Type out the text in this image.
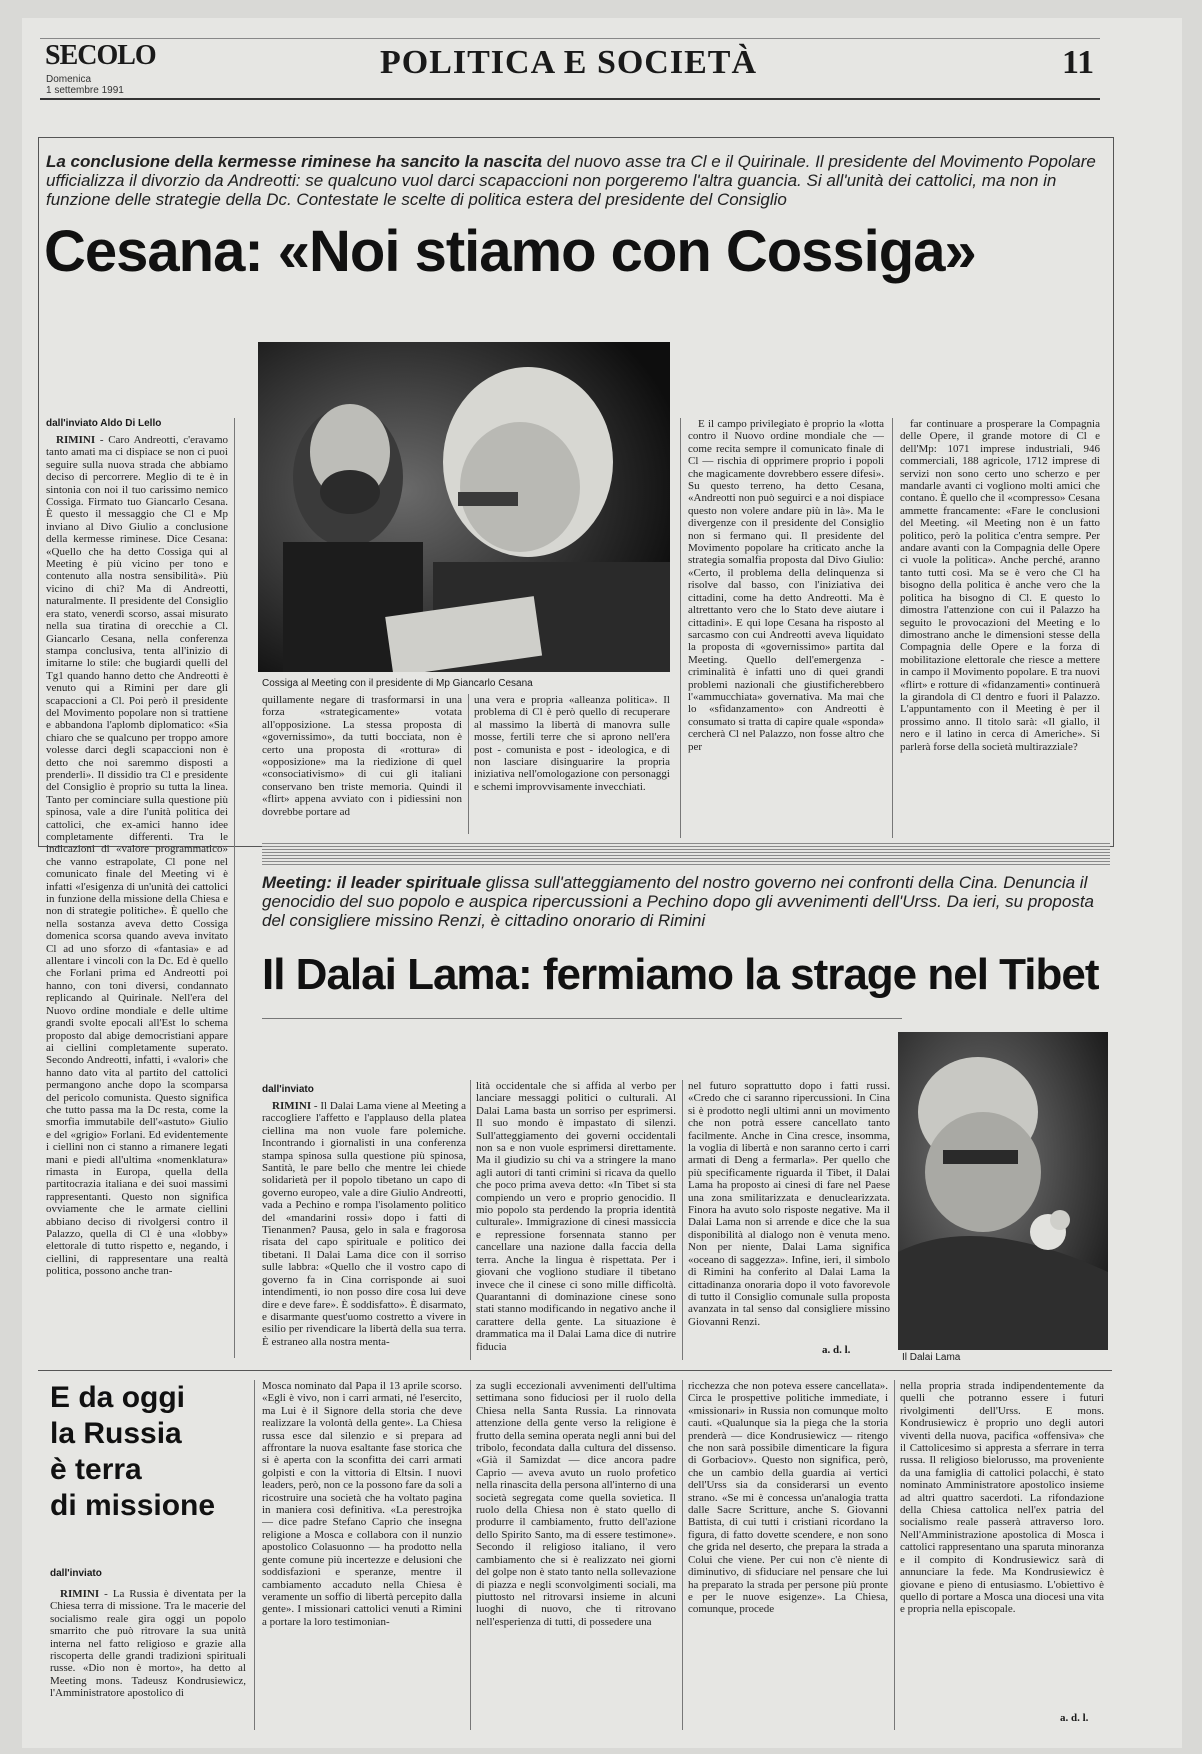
SECOLO
Domenica
1 settembre 1991
POLITICA E SOCIETÀ	11
La conclusione della kermesse riminese ha sancito la nascita del nuovo asse tra Cl e il Quirinale. Il presidente del Movimento Popolare ufficializza il divorzio da Andreotti: se qualcuno vuol darci scapaccioni non porgeremo l'altra guancia. Si all'unità dei cattolici, ma non in funzione delle strategie della Dc. Contestate le scelte di politica estera del presidente del Consiglio
Cesana: «Noi stiamo con Cossiga»
dall'inviato Aldo Di Lello

RIMINI - Caro Andreotti, c'eravamo tanto amati ma ci dispiace se non ci puoi seguire sulla nuova strada che abbiamo deciso di percorrere. Meglio di te è in sintonia con noi il tuo carissimo nemico Cossiga. Firmato tuo Giancarlo Cesana. È questo il messaggio che Cl e Mp inviano al Divo Giulio a conclusione della kermesse riminese. Dice Cesana: «Quello che ha detto Cossiga qui al Meeting è più vicino per tono e contenuto alla nostra sensibilità». Più vicino di chi? Ma di Andreotti, naturalmente. Il presidente del Consiglio era stato, venerdì scorso, assai misurato nella sua tiratina di orecchie a Cl. Giancarlo Cesana, nella conferenza stampa conclusiva, tenta all'inizio di imitarne lo stile: che bugiardi quelli del Tg1 quando hanno detto che Andreotti è venuto qui a Rimini per dare gli scapaccioni a Cl. Poi però il presidente del Movimento popolare non si trattiene e abbandona l'aplomb diplomatico: «Sia chiaro che se qualcuno per troppo amore volesse darci degli scapaccioni non è detto che noi saremmo disposti a prenderli». Il dissidio tra Cl e presidente del Consiglio è proprio su tutta la linea. Tanto per cominciare sulla questione più spinosa, vale a dire l'unità politica dei cattolici, che ex-amici hanno idee completamente differenti. Tra le indicazioni di «valore programmatico» che vanno estrapolate, Cl pone nel comunicato finale del Meeting vi è infatti «l'esigenza di un'unità dei cattolici in funzione della missione della Chiesa e non di strategie politiche». È quello che nella sostanza aveva detto Cossiga domenica scorsa quando aveva invitato Cl ad uno sforzo di «fantasia» e ad allentare i vincoli con la Dc. Ed è quello che Forlani prima ed Andreotti poi hanno, con toni diversi, condannato replicando al Quirinale. Nell'era del Nuovo ordine mondiale e delle ultime grandi svolte epocali all'Est lo schema proposto dal abige democristiani appare ai ciellini completamente superato. Secondo Andreotti, infatti, i «valori» che hanno dato vita al partito del cattolici permangono anche dopo la scomparsa del pericolo comunista. Questo significa che tutto passa ma la Dc resta, come la smorfia immutabile dell'«astuto» Giulio e del «grigio» Forlani. Ed evidentemente i ciellini non ci stanno a rimanere legati mani e piedi all'ultima «nomenklatura» rimasta in Europa, quella della partitocrazia italiana e dei suoi massimi rappresentanti. Questo non significa ovviamente che le armate ciellini abbiano deciso di rivolgersi contro il Palazzo, quella di Cl è una «lobby» elettorale di tutto rispetto e, negando, i ciellini, di rappresentare una realtà politica, possono anche tran-

Cossiga al Meeting con il presidente di Mp Giancarlo Cesana

quillamente negare di trasformarsi in una forza «strategicamente» votata all'opposizione. La stessa proposta di «governissimo», da tutti bocciata, non è certo una proposta di «rottura» di «opposizione» ma la riedizione di quel «consociativismo» di cui gli italiani conservano ben triste memoria. Quindi il «flirt» appena avviato con i pidiessini non dovrebbe portare ad

una vera e propria «alleanza politica». Il problema di Cl è però quello di recuperare al massimo la libertà di manovra sulle mosse, fertili terre che si aprono nell'era post - comunista e post - ideologica, e di non lasciare disinguarire la propria iniziativa nell'omologazione con personaggi e schemi improvvisamente invecchiati.

E il campo privilegiato è proprio la «lotta contro il Nuovo ordine mondiale che — come recita sempre il comunicato finale di Cl — rischia di opprimere proprio i popoli che magicamente dovrebbero essere difesi». Su questo terreno, ha detto Cesana, «Andreotti non può seguirci e a noi dispiace questo non volere andare più in là». Ma le divergenze con il presidente del Consiglio non si fermano qui. Il presidente del Movimento popolare ha criticato anche la strategia somalfia proposta dal Divo Giulio: «Certo, il problema della delinquenza si risolve dal basso, con l'iniziativa dei cittadini, come ha detto Andreotti. Ma è altrettanto vero che lo Stato deve aiutare i cittadini». E qui lope Cesana ha risposto al sarcasmo con cui Andreotti aveva liquidato la proposta di «governissimo» partita dal Meeting. Quello dell'emergenza - criminalità è infatti uno di quei grandi problemi nazionali che giustificherebbero l'«ammucchiata» governativa. Ma mai che lo «sfidanzamento» con Andreotti è consumato si tratta di capire quale «sponda» cercherà Cl nel Palazzo, non fosse altro che per

far continuare a prosperare la Compagnia delle Opere, il grande motore di Cl e dell'Mp: 1071 imprese industriali, 946 commerciali, 188 agricole, 1712 imprese di servizi non sono certo uno scherzo e per mandarle avanti ci vogliono molti amici che contano. È quello che il «compresso» Cesana ammette francamente: «Fare le conclusioni del Meeting. «il Meeting non è un fatto politico, però la politica c'entra sempre. Per andare avanti con la Compagnia delle Opere ci vuole la politica». Anche perché, aranno tanto tutti così. Ma se è vero che Cl ha bisogno della politica è anche vero che la politica ha bisogno di Cl. E questo lo dimostra l'attenzione con cui il Palazzo ha seguito le provocazioni del Meeting e lo dimostrano anche le dimensioni stesse della Compagnia delle Opere e la forza di mobilitazione elettorale che riesce a mettere in campo il Movimento popolare. E tra nuovi «flirt» e rotture di «fidanzamenti» continuerà la girandola di Cl dentro e fuori il Palazzo. L'appuntamento con il Meeting è per il prossimo anno. Il titolo sarà: «Il giallo, il nero e il latino in cerca di Americhe». Si parlerà forse della società multirazziale?

Meeting: il leader spirituale glissa sull'atteggiamento del nostro governo nei confronti della Cina. Denuncia il genocidio del suo popolo e auspica ripercussioni a Pechino dopo gli avvenimenti dell'Urss. Da ieri, su proposta del consigliere missino Renzi, è cittadino onorario di Rimini
Il Dalai Lama: fermiamo la strage nel Tibet
dall'inviato

RIMINI - Il Dalai Lama viene al Meeting a raccogliere l'affetto e l'applauso della platea ciellina ma non vuole fare polemiche. Incontrando i giornalisti in una conferenza stampa spinosa sulla questione più spinosa, Santità, le pare bello che mentre lei chiede solidarietà per il popolo tibetano un capo di governo europeo, vale a dire Giulio Andreotti, vada a Pechino e rompa l'isolamento politico del «mandarini rossi» dopo i fatti di Tienanmen? Pausa, gelo in sala e fragorosa risata del capo spirituale e politico dei tibetani. Il Dalai Lama dice con il sorriso sulle labbra: «Quello che il vostro capo di governo fa in Cina corrisponde ai suoi intendimenti, io non posso dire cosa lui deve dire e deve fare». È soddisfatto». È disarmato, e disarmante quest'uomo costretto a vivere in esilio per rivendicare la libertà della sua terra. È estraneo alla nostra menta-

lità occidentale che si affida al verbo per lanciare messaggi politici o culturali. Al Dalai Lama basta un sorriso per esprimersi. Il suo mondo è impastato di silenzi. Sull'atteggiamento dei governi occidentali non sa e non vuole esprimersi direttamente. Ma il giudizio su chi va a stringere la mano agli autori di tanti crimini si ricava da quello che poco prima aveva detto: «In Tibet si sta compiendo un vero e proprio genocidio. Il mio popolo sta perdendo la propria identità culturale». Immigrazione di cinesi massiccia e repressione forsennata stanno per cancellare una nazione dalla faccia della terra. Anche la lingua è rispettata. Per i giovani che vogliono studiare il tibetano invece che il cinese ci sono mille difficoltà. Quarantanni di dominazione cinese sono stati stanno modificando in negativo anche il carattere della gente. La situazione è drammatica ma il Dalai Lama dice di nutrire fiducia

nel futuro soprattutto dopo i fatti russi. «Credo che ci saranno ripercussioni. In Cina si è prodotto negli ultimi anni un movimento che non potrà essere cancellato tanto facilmente. Anche in Cina cresce, insomma, la voglia di libertà e non saranno certo i carri armati di Deng a fermarla». Per quello che più specificamente riguarda il Tibet, il Dalai Lama ha proposto ai cinesi di fare nel Paese una zona smilitarizzata e denuclearizzata. Finora ha avuto solo risposte negative. Ma il Dalai Lama non si arrende e dice che la sua disponibilità al dialogo non è venuta meno. Non per niente, Dalai Lama significa «oceano di saggezza». Infine, ieri, il simbolo di Rimini ha conferito al Dalai Lama la cittadinanza onoraria dopo il voto favorevole di tutto il Consiglio comunale sulla proposta avanzata in tal senso dal consigliere missino Giovanni Renzi.

a. d. l.
Il Dalai Lama
E da oggi
la Russia
è terra
di missione
dall'inviato

RIMINI - La Russia è diventata per la Chiesa terra di missione. Tra le macerie del socialismo reale gira oggi un popolo smarrito che può ritrovare la sua unità interna nel fatto religioso e grazie alla riscoperta delle grandi tradizioni spirituali russe. «Dio non è morto», ha detto al Meeting mons. Tadeusz Kondrusiewicz, l'Amministratore apostolico di

Mosca nominato dal Papa il 13 aprile scorso. «Egli è vivo, non i carri armati, né l'esercito, ma Lui è il Signore della storia che deve realizzare la volontà della gente». La Chiesa russa esce dal silenzio e si prepara ad affrontare la nuova esaltante fase storica che si è aperta con la sconfitta dei carri armati golpisti e con la vittoria di Eltsin. I nuovi leaders, però, non ce la possono fare da soli a ricostruire una società che ha voltato pagina in maniera così definitiva. «La perestrojka — dice padre Stefano Caprio che insegna religione a Mosca e collabora con il nunzio apostolico Colasuonno — ha prodotto nella gente comune più incertezze e delusioni che soddisfazioni e speranze, mentre il cambiamento accaduto nella Chiesa è veramente un soffio di libertà percepito dalla gente». I missionari cattolici venuti a Rimini a portare la loro testimonian-

za sugli eccezionali avvenimenti dell'ultima settimana sono fiduciosi per il ruolo della Chiesa nella Santa Russia. La rinnovata attenzione della gente verso la religione è frutto della semina operata negli anni bui del tribolo, fecondata dalla cultura del dissenso. «Già il Samizdat — dice ancora padre Caprio — aveva avuto un ruolo profetico nella rinascita della persona all'interno di una società segregata come quella sovietica. Il ruolo della Chiesa non è stato quello di produrre il cambiamento, frutto dell'azione dello Spirito Santo, ma di essere testimone». Secondo il religioso italiano, il vero cambiamento che si è realizzato nei giorni del golpe non è stato tanto nella sollevazione di piazza e negli sconvolgimenti sociali, ma piuttosto nel ritrovarsi insieme in alcuni luoghi di nuovo, che ti ritrovano nell'esperienza di tutti, di possedere una

ricchezza che non poteva essere cancellata». Circa le prospettive politiche immediate, i «missionari» in Russia non comunque molto cauti. «Qualunque sia la piega che la storia prenderà — dice Kondrusiewicz — ritengo che non sarà possibile dimenticare la figura di Gorbaciov». Questo non significa, però, che un cambio della guardia ai vertici dell'Urss sia da considerarsi un evento strano. «Se mi è concessa un'analogia tratta dalle Sacre Scritture, anche S. Giovanni Battista, di cui tutti i cristiani ricordano la figura, di fatto dovette scendere, e non sono che grida nel deserto, che prepara la strada a Colui che viene. Per cui non c'è niente di diminutivo, di sfiduciare nel pensare che lui ha preparato la strada per persone più pronte e per le nuove esigenze». La Chiesa, comunque, procede

nella propria strada indipendentemente da quelli che potranno essere i futuri rivolgimenti dell'Urss. E mons. Kondrusiewicz è proprio uno degli autori viventi della nuova, pacifica «offensiva» che il Cattolicesimo si appresta a sferrare in terra russa. Il religioso bielorusso, ma proveniente da una famiglia di cattolici polacchi, è stato nominato Amministratore apostolico insieme ad altri quattro sacerdoti. La rifondazione della Chiesa cattolica nell'ex patria del socialismo reale passerà attraverso loro. Nell'Amministrazione apostolica di Mosca i cattolici rappresentano una sparuta minoranza e il compito di Kondrusiewicz sarà di annunciare la fede. Ma Kondrusiewicz è giovane e pieno di entusiasmo. L'obiettivo è quello di portare a Mosca una diocesi una vita e propria nella episcopale.

a. d. l.
